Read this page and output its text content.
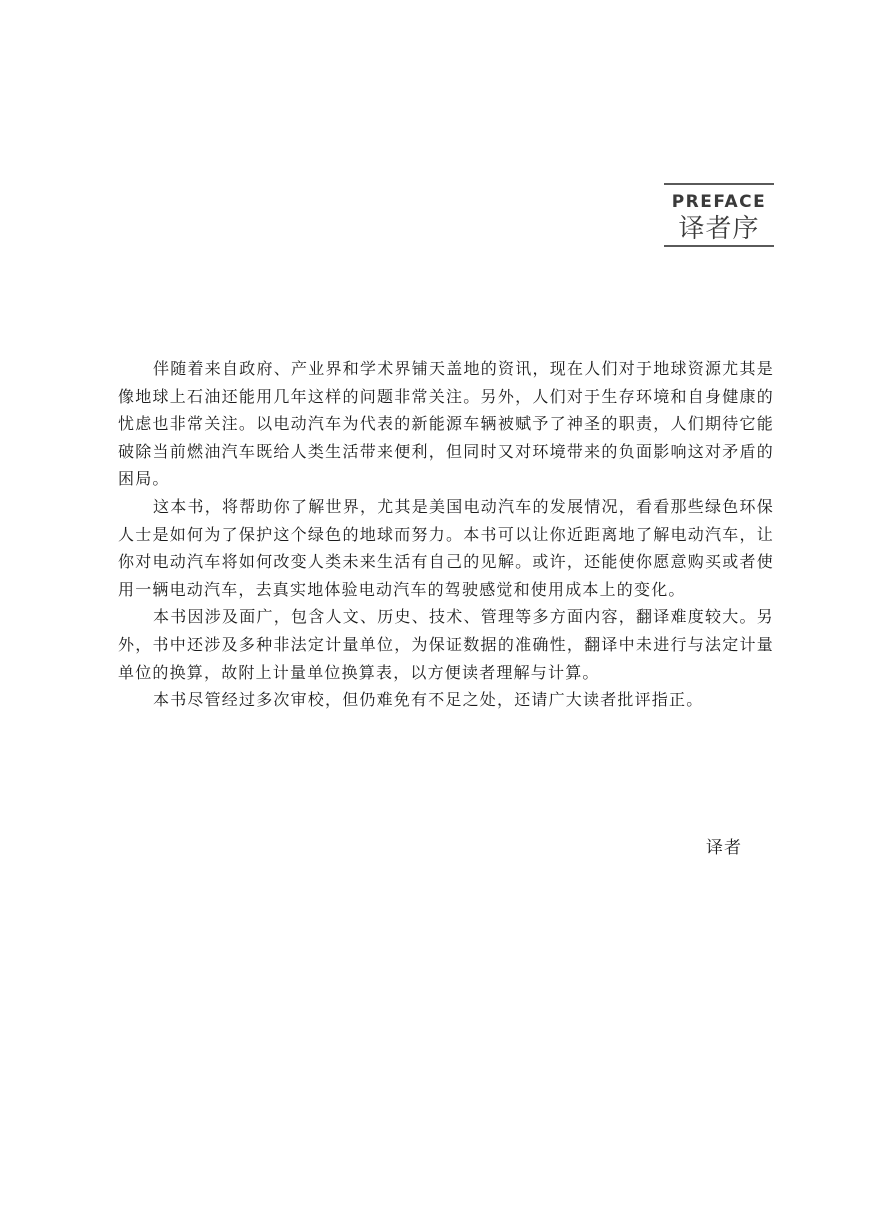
PREFACE
译者序

伴随着来自政府、产业界和学术界铺天盖地的资讯，现在人们对于地球资源尤其是像地球上石油还能用几年这样的问题非常关注。另外，人们对于生存环境和自身健康的忧虑也非常关注。以电动汽车为代表的新能源车辆被赋予了神圣的职责，人们期待它能破除当前燃油汽车既给人类生活带来便利，但同时又对环境带来的负面影响这对矛盾的困局。

这本书，将帮助你了解世界，尤其是美国电动汽车的发展情况，看看那些绿色环保人士是如何为了保护这个绿色的地球而努力。本书可以让你近距离地了解电动汽车，让你对电动汽车将如何改变人类未来生活有自己的见解。或许，还能使你愿意购买或者使用一辆电动汽车，去真实地体验电动汽车的驾驶感觉和使用成本上的变化。

本书因涉及面广，包含人文、历史、技术、管理等多方面内容，翻译难度较大。另外，书中还涉及多种非法定计量单位，为保证数据的准确性，翻译中未进行与法定计量单位的换算，故附上计量单位换算表，以方便读者理解与计算。

本书尽管经过多次审校，但仍难免有不足之处，还请广大读者批评指正。

译者
